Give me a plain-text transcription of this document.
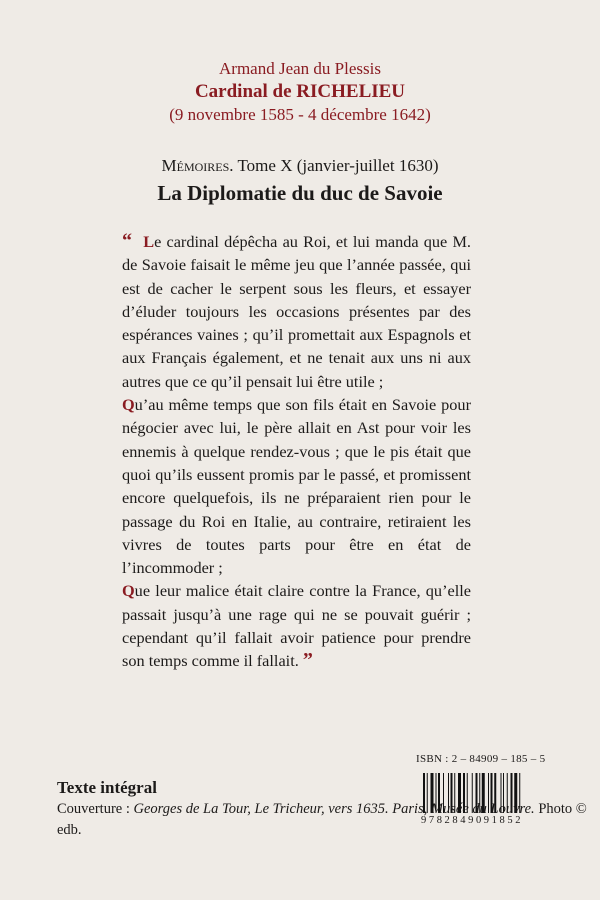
Armand Jean du Plessis
Cardinal de RICHELIEU
(9 novembre 1585 - 4 décembre 1642)
Mémoires. Tome X (janvier-juillet 1630)
La Diplomatie du duc de Savoie

“ Le cardinal dépêcha au Roi, et lui manda que M. de Savoie faisait le même jeu que l’année passée, qui est de cacher le serpent sous les fleurs, et essayer d’éluder toujours les occasions présentes par des espérances vaines ; qu’il promettait aux Espagnols et aux Français également, et ne tenait aux uns ni aux autres que ce qu’il pensait lui être utile ;

Qu’au même temps que son fils était en Savoie pour négocier avec lui, le père allait en Ast pour voir les ennemis à quelque rendez-vous ; que le pis était que quoi qu’ils eussent promis par le passé, et promissent encore quelquefois, ils ne préparaient rien pour le passage du Roi en Italie, au contraire, retiraient les vivres de toutes parts pour être en état de l’incommoder ;

Que leur malice était claire contre la France, qu’elle passait jusqu’à une rage qui ne se pouvait guérir ; cependant qu’il fallait avoir patience pour prendre son temps comme il fallait. ”

ISBN : 2 – 84909 – 185 – 5
9782849091852
Texte intégral
Couverture : Georges de La Tour, Le Tricheur, vers 1635. Paris, Musée du Louvre. Photo © edb.
